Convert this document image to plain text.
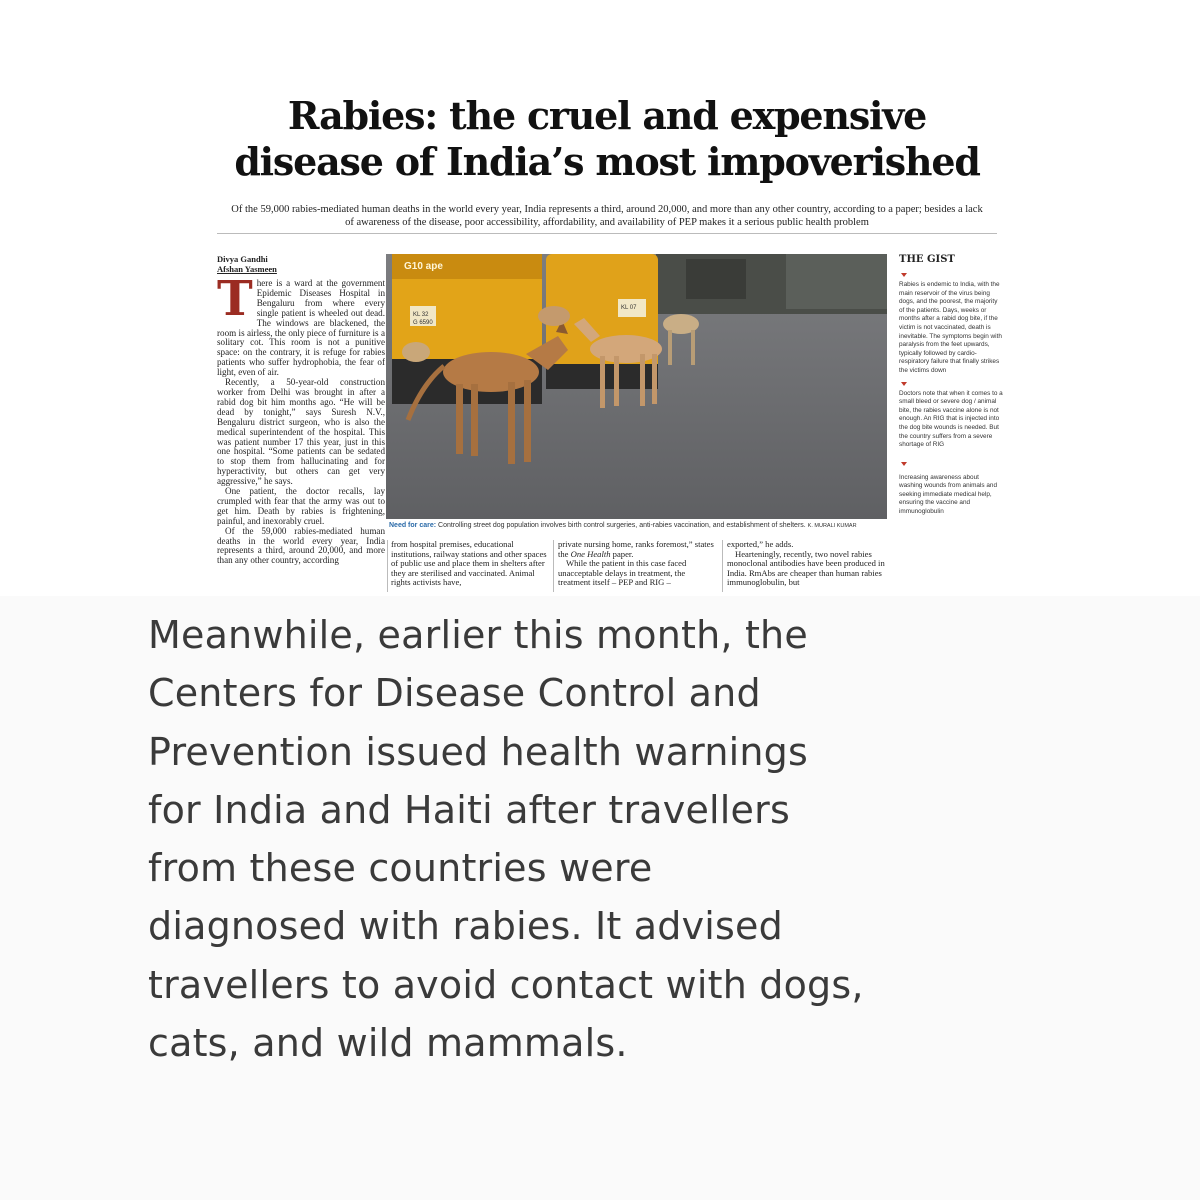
Rabies: the cruel and expensive
disease of India’s most impoverished
Of the 59,000 rabies-mediated human deaths in the world every year, India represents a third, around 20,000, and more than any other country, according to a paper; besides a lack of awareness of the disease, poor accessibility, affordability, and availability of PEP makes it a serious public health problem
Divya Gandhi
Afshan Yasmeen
T here is a ward at the government Epidemic Diseases Hospital in Bengaluru from where every single patient is wheeled out dead. The windows are blackened, the room is airless, the only piece of furniture is a solitary cot. This room is not a punitive space: on the contrary, it is refuge for rabies patients who suffer hydrophobia, the fear of light, even of air.

Recently, a 50-year-old construction worker from Delhi was brought in after a rabid dog bit him months ago. “He will be dead by tonight,” says Suresh N.V., Bengaluru district surgeon, who is also the medical superintendent of the hospital. This was patient number 17 this year, just in this one hospital. “Some patients can be sedated to stop them from hallucinating and for hyperactivity, but others can get very aggressive,” he says.

One patient, the doctor recalls, lay crumpled with fear that the army was out to get him. Death by rabies is frightening, painful, and inexorably cruel.

Of the 59,000 rabies-mediated human deaths in the world every year, India represents a third, around 20,000, and more than any other country, according

G10 ape
KL 32
G 6590
KL 07
Need for care: Controlling street dog population involves birth control surgeries, anti-rabies vaccination, and establishment of shelters. K. MURALI KUMAR

from hospital premises, educational institutions, railway stations and other spaces of public use and place them in shelters after they are sterilised and vaccinated. Animal rights activists have,

private nursing home, ranks foremost,” states the One Health paper.

While the patient in this case faced unacceptable delays in treatment, the treatment itself – PEP and RIG –

exported,” he adds.

Hearteningly, recently, two novel rabies monoclonal antibodies have been produced in India. RmAbs are cheaper than human rabies immunoglobulin, but

THE GIST

Rabies is endemic to India, with the main reservoir of the virus being dogs, and the poorest, the majority of the patients. Days, weeks or months after a rabid dog bite, if the victim is not vaccinated, death is inevitable. The symptoms begin with paralysis from the feet upwards, typically followed by cardio-respiratory failure that finally strikes the victims down

Doctors note that when it comes to a small bleed or severe dog / animal bite, the rabies vaccine alone is not enough. An RIG that is injected into the dog bite wounds is needed. But the country suffers from a severe shortage of RIG

Increasing awareness about washing wounds from animals and seeking immediate medical help, ensuring the vaccine and immunoglobulin

Meanwhile, earlier this month, the
Centers for Disease Control and
Prevention issued health warnings
for India and Haiti after travellers
from these countries were
diagnosed with rabies. It advised
travellers to avoid contact with dogs,
cats, and wild mammals.
